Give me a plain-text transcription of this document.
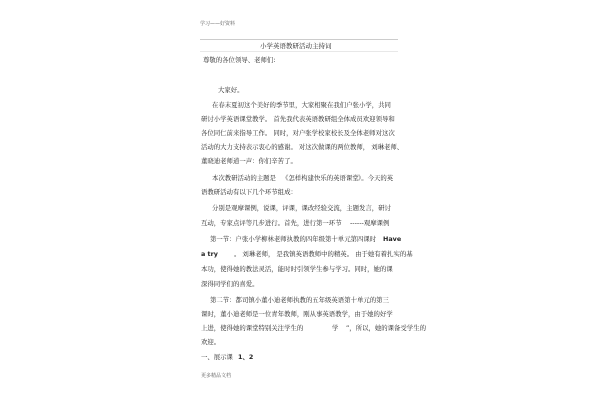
学习——好资料
小学英语教研活动主持词
尊敬的各位领导、老师们:
大家好。
在春末夏初这个美好的季节里，大家相聚在我们户张小学，共同
研讨小学英语课堂教学。 首先我代表英语教研组全体成员欢迎领导和
各位同仁前来指导工作。 同时，对户张学校家校长及全体老师对这次
活动的大力支持表示衷心的感谢。 对这次做课的两位教师， 刘琳老师、
董晓迪老师道一声：你们辛苦了。
本次教研活动的主题是 《怎样构建快乐的英语课堂 》。今天的英
语教研活动有以下几个环节组成：
分别是观摩课例，说课，评课，课改经验交流，主题发言，研讨
互动，专家点评等几步进行。首先，进行第一环节 ------观摩课例
第一节：户张小学柳林老师执教的四年级第十单元第四课时 Have
a try	。 刘琳老师， 是我镇英语教师中的精英。 由于她有着扎实的基
本功，使得她的教法灵活，能时时引领学生参与学习。同时，她的课
深得同学们的喜爱。
第二节：都司镇小董小迪老师执教的五年级英语第十单元的第三
课时，董小迪老师是一位青年教师，刚从事英语教学，由于她的好学
上进，使得她的课堂特别关注学生的	学 ”，所以，她的课备受学生的
欢迎。
一、展示课 1、2
更多精品文档
